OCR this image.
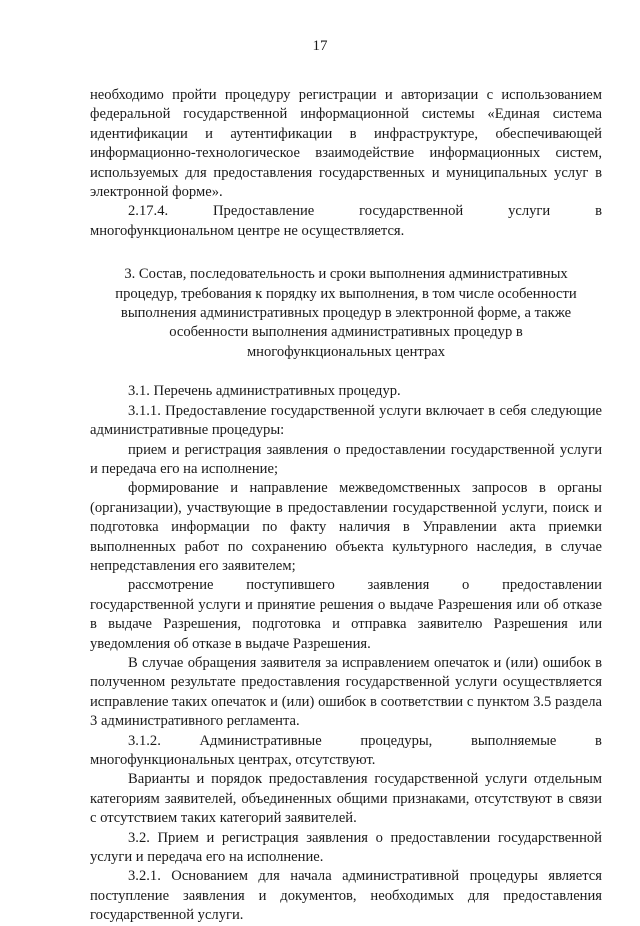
17

необходимо пройти процедуру регистрации и авторизации с использованием федеральной государственной информационной системы «Единая система идентификации и аутентификации в инфраструктуре, обеспечивающей информационно-технологическое взаимодействие информационных систем, используемых для предоставления государственных и муниципальных услуг в электронной форме».

2.17.4.	Предоставление	государственной	услуги	в

многофункциональном центре не осуществляется.

3. Состав, последовательность и сроки выполнения административных процедур, требования к порядку их выполнения, в том числе особенности выполнения административных процедур в электронной форме, а также особенности выполнения административных процедур в многофункциональных центрах

3.1. Перечень административных процедур.

3.1.1. Предоставление государственной услуги включает в себя следующие административные процедуры:

прием и регистрация заявления о предоставлении государственной услуги и передача его на исполнение;

формирование и направление межведомственных запросов в органы (организации), участвующие в предоставлении государственной услуги, поиск и подготовка информации по факту наличия в Управлении акта приемки выполненных работ по сохранению объекта культурного наследия, в случае непредставления его заявителем;

рассмотрение поступившего заявления о предоставлении

государственной услуги и принятие решения о выдаче Разрешения или об отказе в выдаче Разрешения, подготовка и отправка заявителю Разрешения или уведомления об отказе в выдаче Разрешения.

В случае обращения заявителя за исправлением опечаток и (или) ошибок в полученном результате предоставления государственной услуги осуществляется исправление таких опечаток и (или) ошибок в соответствии с пунктом 3.5 раздела 3 административного регламента.

3.1.2.	Административные	процедуры,	выполняемые	в

многофункциональных центрах, отсутствуют.

Варианты и порядок предоставления государственной услуги отдельным категориям заявителей, объединенных общими признаками, отсутствуют в связи с отсутствием таких категорий заявителей.

3.2. Прием и регистрация заявления о предоставлении государственной услуги и передача его на исполнение.

3.2.1. Основанием для начала административной процедуры является поступление заявления и документов, необходимых для предоставления государственной услуги.
